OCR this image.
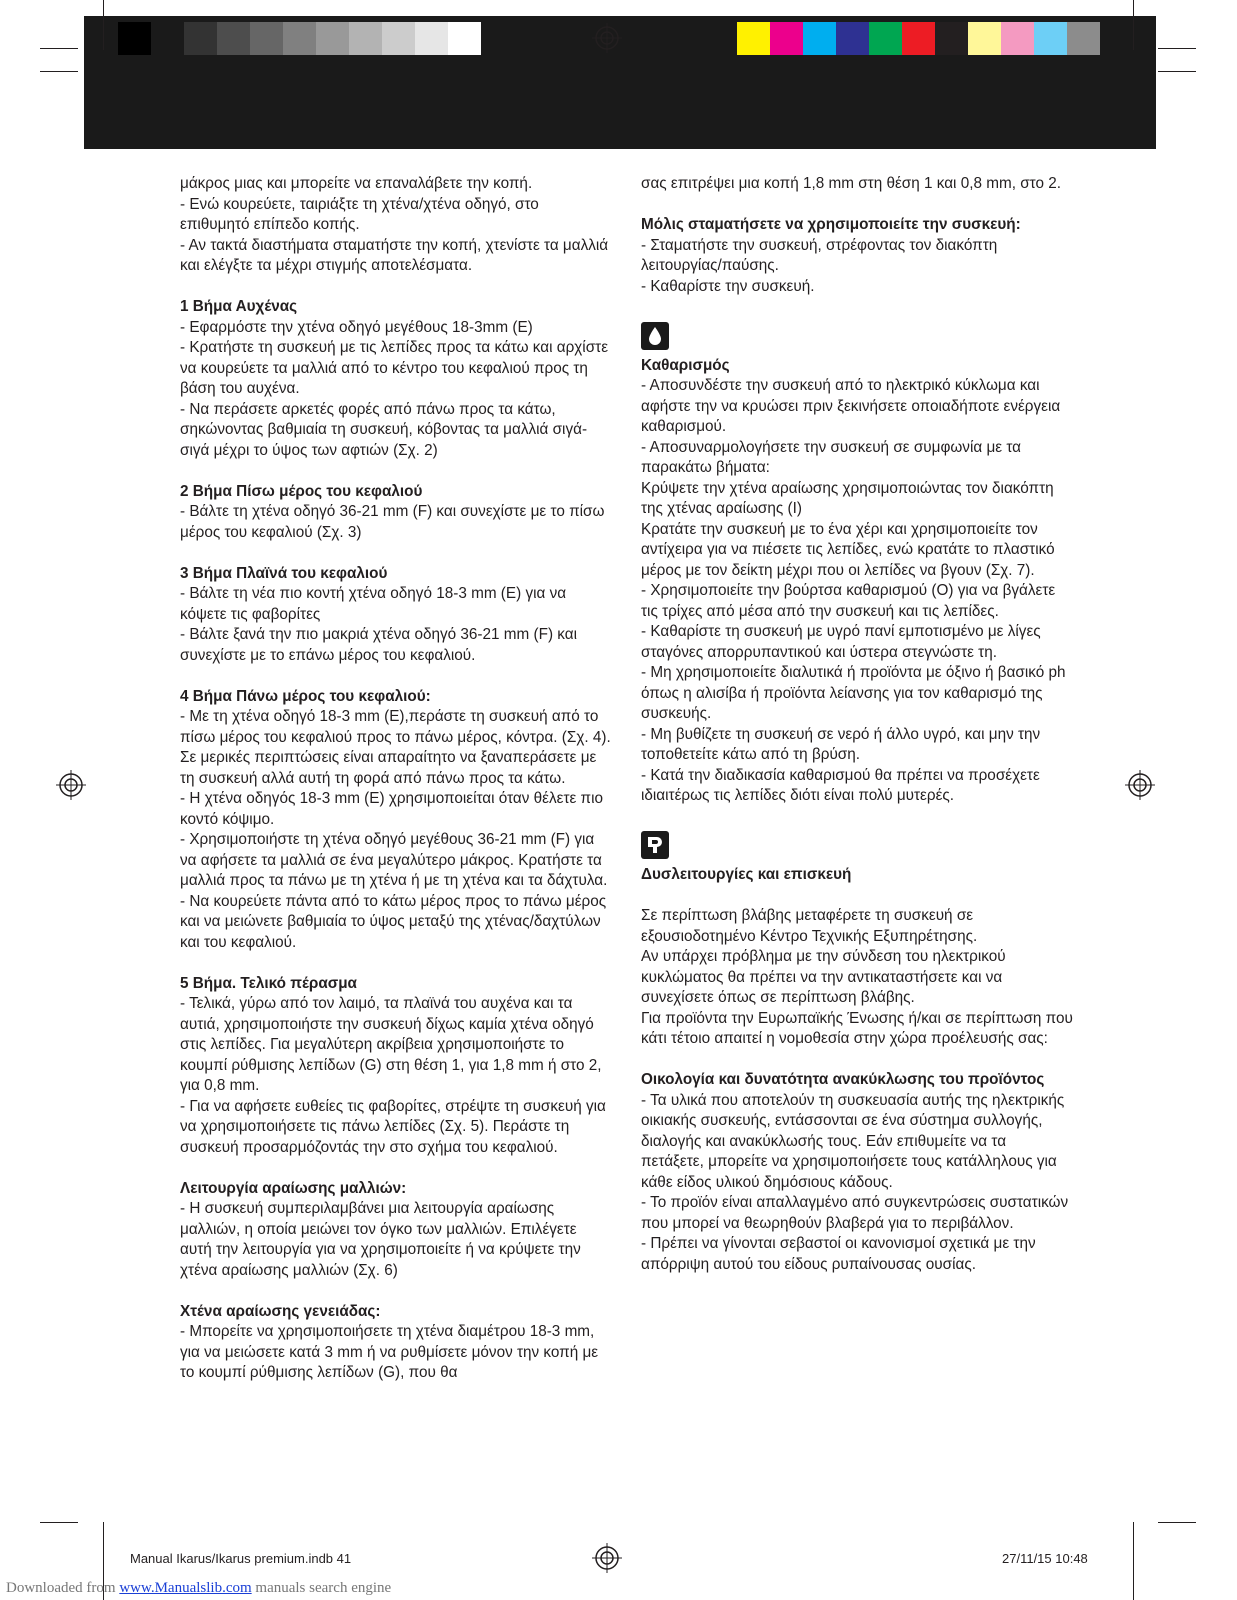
μάκρος μιας και μπορείτε να επαναλάβετε την κοπή.

- Ενώ κουρεύετε, ταιριάξτε τη χτένα/χτένα οδηγό, στο επιθυμητό επίπεδο κοπής.

- Αν τακτά διαστήματα σταματήστε την κοπή, χτενίστε τα μαλλιά και ελέγξτε τα μέχρι στιγμής αποτελέσματα.

1 Βήμα Αυχένας

- Εφαρμόστε την χτένα οδηγό μεγέθους 18-3mm (E)

- Κρατήστε τη συσκευή με τις λεπίδες προς τα κάτω και αρχίστε να κουρεύετε τα μαλλιά από το κέντρο του κεφαλιού προς τη βάση του αυχένα.

- Να περάσετε αρκετές φορές από πάνω προς τα κάτω, σηκώνοντας βαθμιαία τη συσκευή, κόβοντας τα μαλλιά σιγά-σιγά μέχρι το ύψος των αφτιών (Σχ. 2)

2 Βήμα Πίσω μέρος του κεφαλιού

- Βάλτε τη χτένα οδηγό 36-21 mm (F) και συνεχίστε με το πίσω μέρος του κεφαλιού (Σχ. 3)

3 Βήμα Πλαϊνά του κεφαλιού

- Βάλτε τη νέα πιο κοντή χτένα οδηγό 18-3 mm (E) για να κόψετε τις φαβορίτες

- Βάλτε ξανά την πιο μακριά χτένα οδηγό 36-21 mm (F) και συνεχίστε με το επάνω μέρος του κεφαλιού.

4 Βήμα Πάνω μέρος του κεφαλιού:

- Με τη χτένα οδηγό 18-3 mm (E),περάστε τη συσκευή από το πίσω μέρος του κεφαλιού προς το πάνω μέρος, κόντρα. (Σχ. 4). Σε μερικές περιπτώσεις είναι απαραίτητο να ξαναπεράσετε με τη συσκευή αλλά αυτή τη φορά από πάνω προς τα κάτω.

- Η χτένα οδηγός 18-3 mm (E) χρησιμοποιείται όταν θέλετε πιο κοντό κόψιμο.

- Χρησιμοποιήστε τη χτένα οδηγό μεγέθους 36-21 mm (F) για να αφήσετε τα μαλλιά σε ένα μεγαλύτερο μάκρος. Κρατήστε τα μαλλιά προς τα πάνω με τη χτένα ή με τη χτένα και τα δάχτυλα.

- Να κουρεύετε πάντα από το κάτω μέρος προς το πάνω μέρος και να μειώνετε βαθμιαία το ύψος μεταξύ της χτένας/δαχτύλων και του κεφαλιού.

5 Βήμα. Τελικό πέρασμα

- Τελικά, γύρω από τον λαιμό, τα πλαϊνά του αυχένα και τα αυτιά, χρησιμοποιήστε την συσκευή δίχως καμία χτένα οδηγό στις λεπίδες. Για μεγαλύτερη ακρίβεια χρησιμοποιήστε το κουμπί ρύθμισης λεπίδων (G) στη θέση 1, για 1,8 mm ή στο 2, για 0,8 mm.

- Για να αφήσετε ευθείες τις φαβορίτες, στρέψτε τη συσκευή για να χρησιμοποιήσετε τις πάνω λεπίδες (Σχ. 5). Περάστε τη συσκευή προσαρμόζοντάς την στο σχήμα του κεφαλιού.

Λειτουργία αραίωσης μαλλιών:

- Η συσκευή συμπεριλαμβάνει μια λειτουργία αραίωσης μαλλιών, η οποία μειώνει τον όγκο των μαλλιών. Επιλέγετε αυτή την λειτουργία για να χρησιμοποιείτε ή να κρύψετε την χτένα αραίωσης μαλλιών (Σχ. 6)

Χτένα αραίωσης γενειάδας:

- Μπορείτε να χρησιμοποιήσετε τη χτένα διαμέτρου 18-3 mm, για να μειώσετε κατά 3 mm ή να ρυθμίσετε μόνον την κοπή με το κουμπί ρύθμισης λεπίδων (G), που θα

σας επιτρέψει μια κοπή 1,8 mm στη θέση 1 και 0,8 mm, στο 2.

Μόλις σταματήσετε να χρησιμοποιείτε την συσκευή:

- Σταματήστε την συσκευή, στρέφοντας τον διακόπτη λειτουργίας/παύσης.

- Καθαρίστε την συσκευή.

Καθαρισμός

- Αποσυνδέστε την συσκευή από το ηλεκτρικό κύκλωμα και αφήστε την να κρυώσει πριν ξεκινήσετε οποιαδήποτε ενέργεια καθαρισμού.

- Αποσυναρμολογήσετε την συσκευή σε συμφωνία με τα παρακάτω βήματα:

Κρύψετε την χτένα αραίωσης χρησιμοποιώντας τον διακόπτη της χτένας αραίωσης (I)

Κρατάτε την συσκευή με το ένα χέρι και χρησιμοποιείτε τον αντίχειρα για να πιέσετε τις λεπίδες, ενώ κρατάτε το πλαστικό μέρος με τον δείκτη μέχρι που οι λεπίδες να βγουν (Σχ. 7).

- Χρησιμοποιείτε την βούρτσα καθαρισμού (O) για να βγάλετε τις τρίχες από μέσα από την συσκευή και τις λεπίδες.

- Καθαρίστε τη συσκευή με υγρό πανί εμποτισμένο με λίγες σταγόνες απορρυπαντικού και ύστερα στεγνώστε τη.

- Μη χρησιμοποιείτε διαλυτικά ή προϊόντα με όξινο ή βασικό ph όπως η αλισίβα ή προϊόντα λείανσης για τον καθαρισμό της συσκευής.

- Μη βυθίζετε τη συσκευή σε νερό ή άλλο υγρό, και μην την τοποθετείτε κάτω από τη βρύση.

- Κατά την διαδικασία καθαρισμού θα πρέπει να προσέχετε ιδιαιτέρως τις λεπίδες διότι είναι πολύ μυτερές.

Δυσλειτουργίες και επισκευή

Σε περίπτωση βλάβης μεταφέρετε τη συσκευή σε εξουσιοδοτημένο Κέντρο Τεχνικής Εξυπηρέτησης.

Αν υπάρχει πρόβλημα με την σύνδεση του ηλεκτρικού κυκλώματος θα πρέπει να την αντικαταστήσετε και να συνεχίσετε όπως σε περίπτωση βλάβης.

Για προϊόντα την Ευρωπαϊκής Ένωσης ή/και σε περίπτωση που κάτι τέτοιο απαιτεί η νομοθεσία στην χώρα προέλευσής σας:

Οικολογία και δυνατότητα ανακύκλωσης του προϊόντος

- Τα υλικά που αποτελούν τη συσκευασία αυτής της ηλεκτρικής οικιακής συσκευής, εντάσσονται σε ένα σύστημα συλλογής, διαλογής και ανακύκλωσής τους. Εάν επιθυμείτε να τα πετάξετε, μπορείτε να χρησιμοποιήσετε τους κατάλληλους για κάθε είδος υλικού δημόσιους κάδους.

- Το προϊόν είναι απαλλαγμένο από συγκεντρώσεις συστατικών που μπορεί να θεωρηθούν βλαβερά για το περιβάλλον.

- Πρέπει να γίνονται σεβαστοί οι κανονισμοί σχετικά με την απόρριψη αυτού του είδους ρυπαίνουσας ουσίας.

Manual Ikarus/Ikarus premium.indb 41	27/11/15 10:48
Downloaded from www.Manualslib.com manuals search engine
